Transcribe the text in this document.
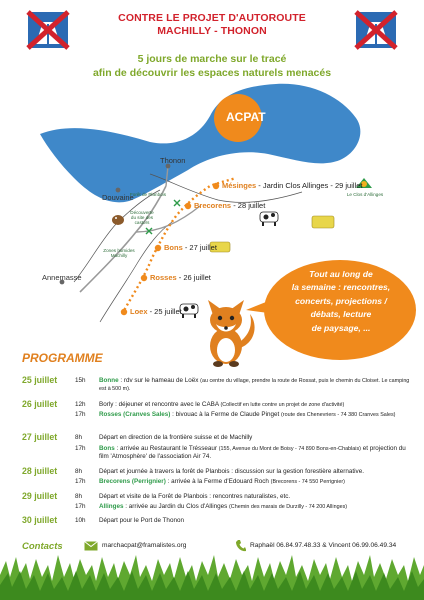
CONTRE LE PROJET D'AUTOROUTE
MACHILLY - THONON
5 jours de marche sur le tracé
afin de découvrir les espaces naturels menacés
ACPAT
Thonon
Douvaine
Annemasse
Forêt de Planbois
Découverte du site des castors
Zones humides Machilly
Mésinges - Jardin Clos Allinges - 29 juillet
Brecorens - 28 juillet
Bons - 27 juillet
Rosses - 26 juillet
Loex - 25 juillet
Le Clos d'Allinges
Tout au long de
la semaine : rencontres,
concerts, projections /
débats, lecture
de paysage, ...
PROGRAMME
25 juillet	15h Bonne : rdv sur le hameau de Loëx (au centre du village, prendre la route de Rossat, puis le chemin du Cloiset. Le camping est à 500 m).
26 juillet	12h Borly : déjeuner et rencontre avec le CABA (Collectif en lutte contre un projet de zone d'activité)
17h Rosses (Cranves Sales) : bivouac à la Ferme de Claude Pinget (route des Chenevriers - 74 380 Cranves Sales)
27 juillet	8h	Départ en direction de la frontière suisse et de Machilly
17h Bons : arrivée au Restaurant le Trésseaur (155, Avenue du Mont de Boisy - 74 890 Bons-en-Chablais) et projection du film 'Atmosphère' de l'association Air 74.
28 juillet	8h	Départ et journée à travers la forêt de Planbois : discussion sur la gestion forestière alternative.
17h Brecorens (Perrignier) : arrivée à la Ferme d'Edouard Roch (Brecorens - 74 550 Perrignier)
29 juillet	8h	Départ et visite de la Forêt de Planbois : rencontres naturalistes, etc.
17h Allinges : arrivée au Jardin du Clos d'Allinges (Chemin des marais de Durzilly - 74 200 Allinges)
30 juillet	10h Départ pour le Port de Thonon
Contacts	marchacpat@framalistes.org	Raphaël 06.84.97.48.33 & Vincent 06.99.06.49.34
